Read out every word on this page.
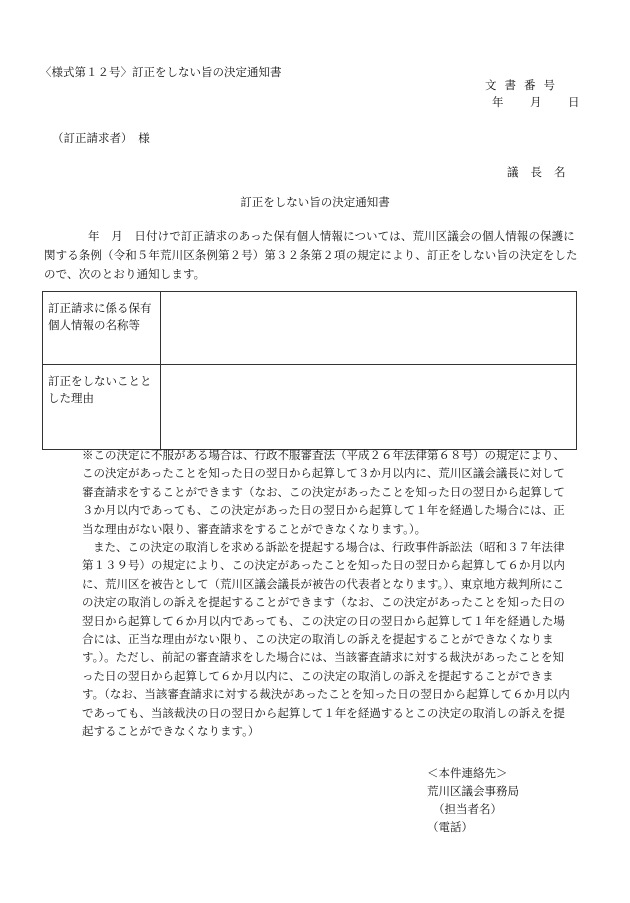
〈様式第１２号〉訂正をしない旨の決定通知書
文書番号
年 月 日
（訂正請求者）　様
議長名
訂正をしない旨の決定通知書
年　月　日付けで訂正請求のあった保有個人情報については、荒川区議会の個人情報の保護に関する条例（令和５年荒川区条例第２号）第３２条第２項の規定により、訂正をしない旨の決定をしたので、次のとおり通知します。
訂正請求に係る保有個人情報の名称等	
訂正をしないこととした理由	

※この決定に不服がある場合は、行政不服審査法（平成２６年法律第６８号）の規定により、この決定があったことを知った日の翌日から起算して３か月以内に、荒川区議会議長に対して審査請求をすることができます（なお、この決定があったことを知った日の翌日から起算して３か月以内であっても、この決定があった日の翌日から起算して１年を経過した場合には、正当な理由がない限り、審査請求をすることができなくなります。）。

また、この決定の取消しを求める訴訟を提起する場合は、行政事件訴訟法（昭和３７年法律第１３９号）の規定により、この決定があったことを知った日の翌日から起算して６か月以内に、荒川区を被告として（荒川区議会議長が被告の代表者となります。）、東京地方裁判所にこの決定の取消しの訴えを提起することができます（なお、この決定があったことを知った日の翌日から起算して６か月以内であっても、この決定の日の翌日から起算して１年を経過した場合には、正当な理由がない限り、この決定の取消しの訴えを提起することができなくなります。）。ただし、前記の審査請求をした場合には、当該審査請求に対する裁決があったことを知った日の翌日から起算して６か月以内に、この決定の取消しの訴えを提起することができます。（なお、当該審査請求に対する裁決があったことを知った日の翌日から起算して６か月以内であっても、当該裁決の日の翌日から起算して１年を経過するとこの決定の取消しの訴えを提起することができなくなります。）

＜本件連絡先＞
荒川区議会事務局
（担当者名）
（電話）
